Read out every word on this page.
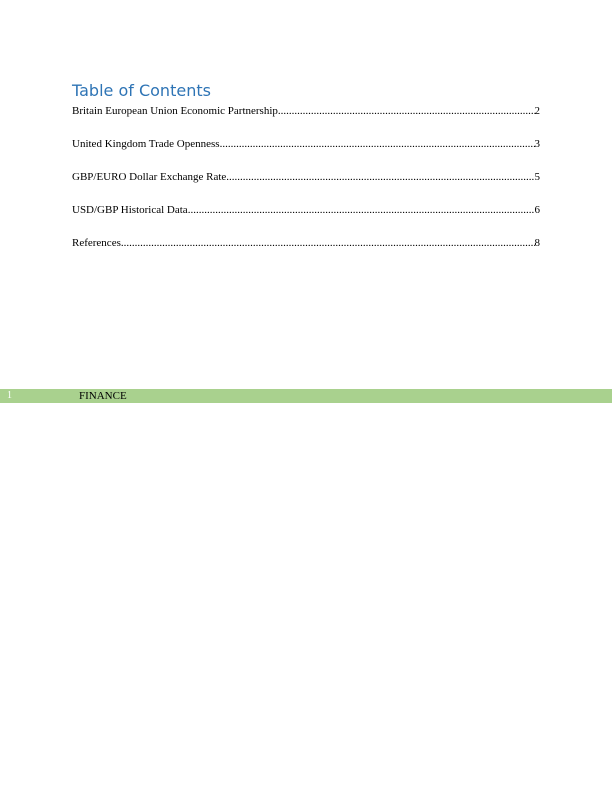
Table of Contents
Britain European Union Economic Partnership .....	2
United Kingdom Trade Openness .....	3
GBP/EURO Dollar Exchange Rate .....	5
USD/GBP Historical Data .....	6
References .....	8
1	FINANCE
